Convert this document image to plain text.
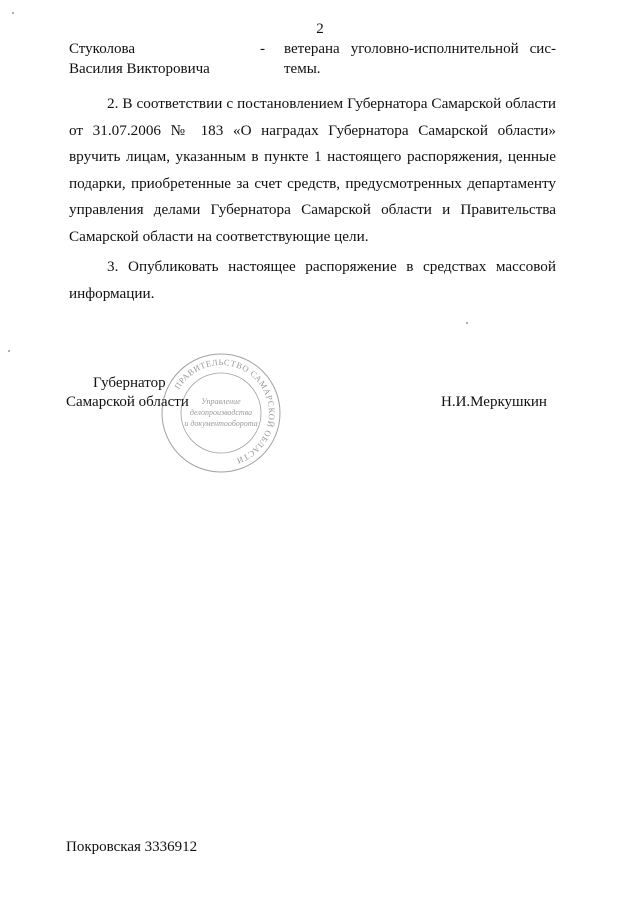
2
Стуколова
Василия Викторовича
- ветерана уголовно-исполнительной сис-
темы.

2. В соответствии с постановлением Губернатора Самарской области от 31.07.2006 № 183 «О наградах Губернатора Самарской области» вручить лицам, указанным в пункте 1 настоящего распоряжения, ценные подарки, приобретенные за счет средств, предусмотренных департаменту управления делами Губернатора Самарской области и Правительства Самарской области на соответствующие цели.

3. Опубликовать настоящее распоряжение в средствах массовой информации.

Губернатор
Самарской области	Н.И.Меркушкин
ПРАВИТЕЛЬСТВО САМАРСКОЙ ОБЛАСТИ
Управление
делопроизводства
и документооборота
Покровская 3336912
